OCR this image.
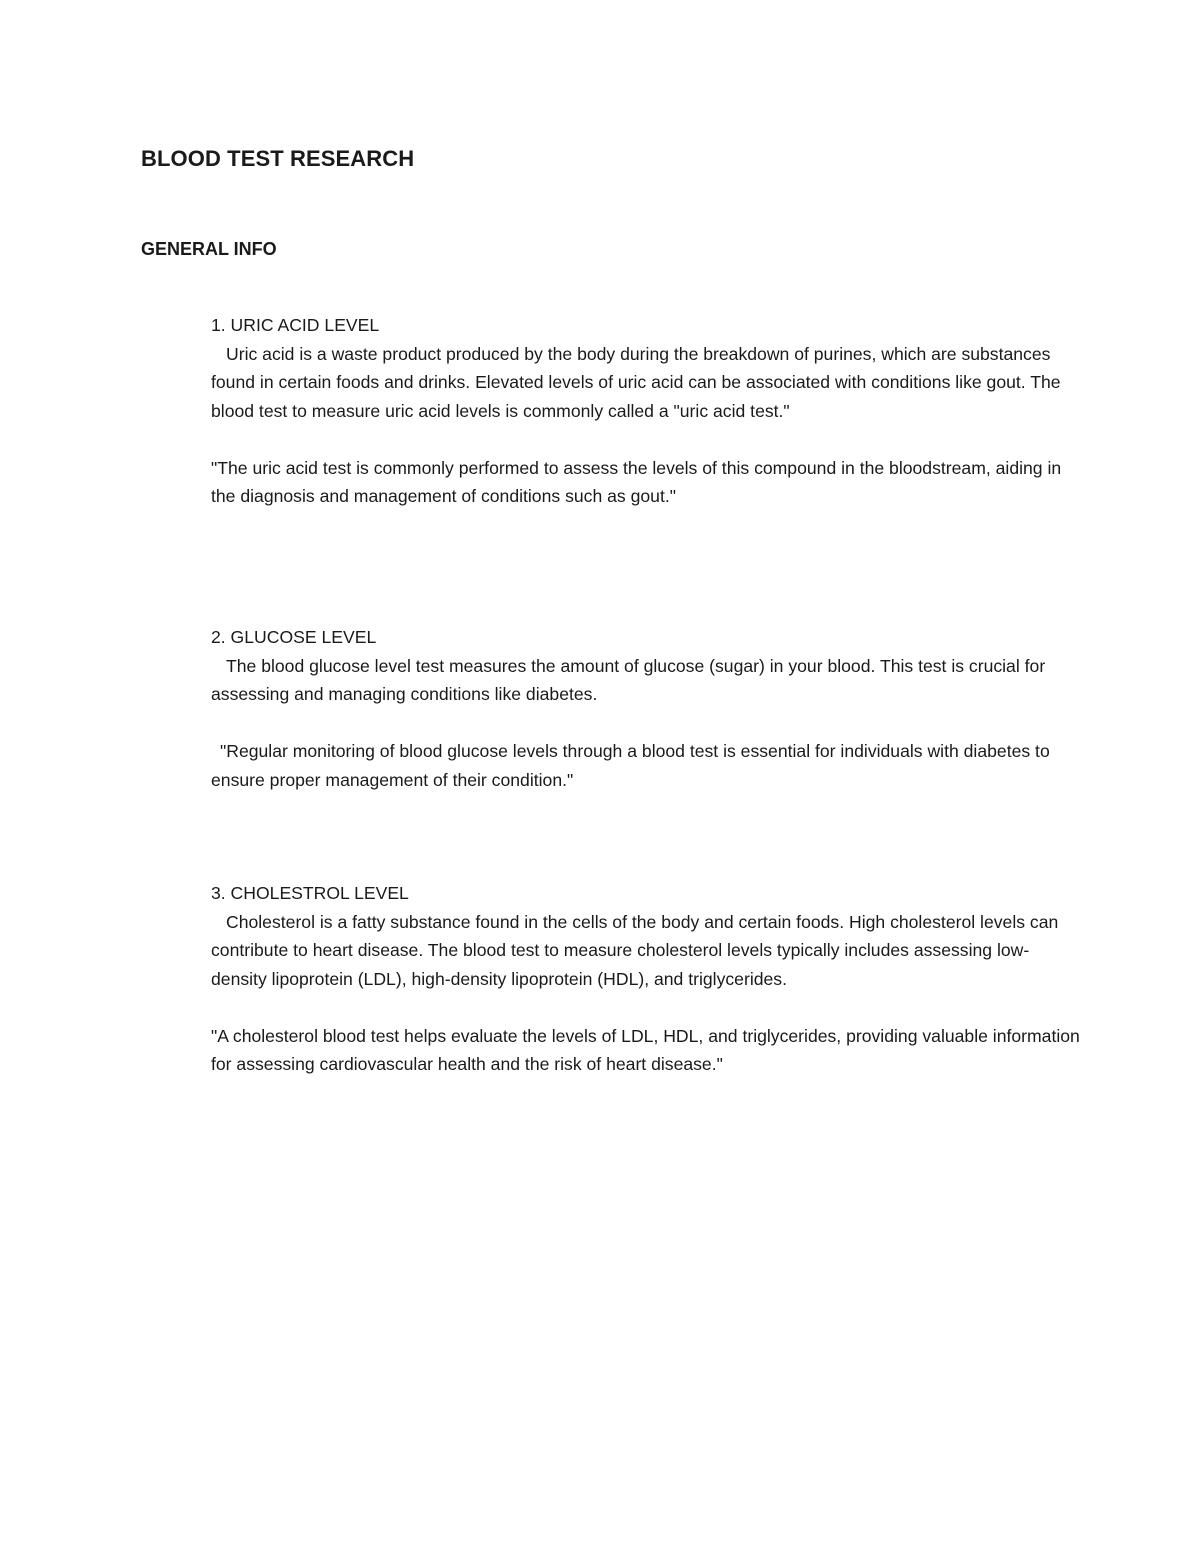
BLOOD TEST RESEARCH
GENERAL INFO

1. URIC ACID LEVEL

Uric acid is a waste product produced by the body during the breakdown of purines, which are substances found in certain foods and drinks. Elevated levels of uric acid can be associated with conditions like gout. The blood test to measure uric acid levels is commonly called a "uric acid test."

"The uric acid test is commonly performed to assess the levels of this compound in the bloodstream, aiding in the diagnosis and management of conditions such as gout."

2. GLUCOSE LEVEL

The blood glucose level test measures the amount of glucose (sugar) in your blood. This test is crucial for assessing and managing conditions like diabetes.

"Regular monitoring of blood glucose levels through a blood test is essential for individuals with diabetes to ensure proper management of their condition."

3. CHOLESTROL LEVEL

Cholesterol is a fatty substance found in the cells of the body and certain foods. High cholesterol levels can contribute to heart disease. The blood test to measure cholesterol levels typically includes assessing low-density lipoprotein (LDL), high-density lipoprotein (HDL), and triglycerides.

"A cholesterol blood test helps evaluate the levels of LDL, HDL, and triglycerides, providing valuable information for assessing cardiovascular health and the risk of heart disease."
